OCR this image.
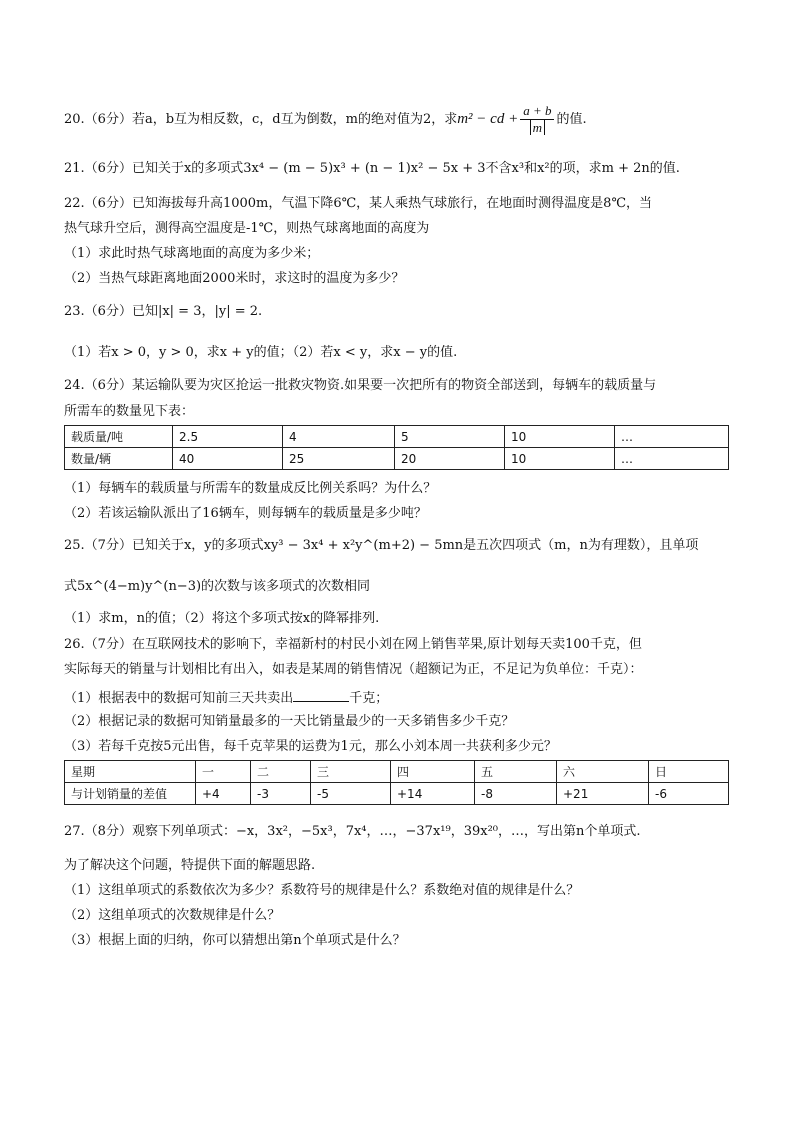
20.（6分）若a，b互为相反数，c，d互为倒数，m的绝对值为2，求m² − cd + $\frac{a + b}{m}$ 的值.
21.（6分）已知关于x的多项式3x⁴ − (m − 5)x³ + (n − 1)x² − 5x + 3不含x³和x²的项，求m + 2n的值.
22.（6分）已知海拔每升高1000m，气温下降6℃，某人乘热气球旅行，在地面时测得温度是8℃，当
热气球升空后，测得高空温度是-1℃，则热气球离地面的高度为
（1）求此时热气球离地面的高度为多少米；
（2）当热气球距离地面2000米时，求这时的温度为多少？
23.（6分）已知|x| = 3，|y| = 2.
（1）若x > 0，y > 0，求x + y的值；（2）若x < y，求x − y的值.
24.（6分）某运输队要为灾区抢运一批救灾物资.如果要一次把所有的物资全部送到，每辆车的载质量与
所需车的数量见下表：
载质量/吨	2.5	4	5	10	…
数量/辆	40	25	20	10	…
（1）每辆车的载质量与所需车的数量成反比例关系吗？为什么？
（2）若该运输队派出了16辆车，则每辆车的载质量是多少吨？
25.（7分）已知关于x，y的多项式xy³ − 3x⁴ + x²y^(m+2) − 5mn是五次四项式（m，n为有理数），且单项
式5x^(4−m)y^(n−3)的次数与该多项式的次数相同
（1）求m，n的值；（2）将这个多项式按x的降幂排列.
26.（7分）在互联网技术的影响下，幸福新村的村民小刘在网上销售苹果,原计划每天卖100千克，但
实际每天的销量与计划相比有出入，如表是某周的销售情况（超额记为正，不足记为负单位：千克）：
（1）根据表中的数据可知前三天共卖出	千克；
（2）根据记录的数据可知销量最多的一天比销量最少的一天多销售多少千克？
（3）若每千克按5元出售，每千克苹果的运费为1元，那么小刘本周一共获利多少元？
星期	一	二	三	四	五	六	日
与计划销量的差值	+4	-3	-5	+14	-8	+21	-6
27.（8分）观察下列单项式：−x，3x²，−5x³，7x⁴，…，−37x¹⁹，39x²⁰，…，写出第n个单项式.
为了解决这个问题，特提供下面的解题思路.
（1）这组单项式的系数依次为多少？系数符号的规律是什么？系数绝对值的规律是什么？
（2）这组单项式的次数规律是什么？
（3）根据上面的归纳，你可以猜想出第n个单项式是什么？
